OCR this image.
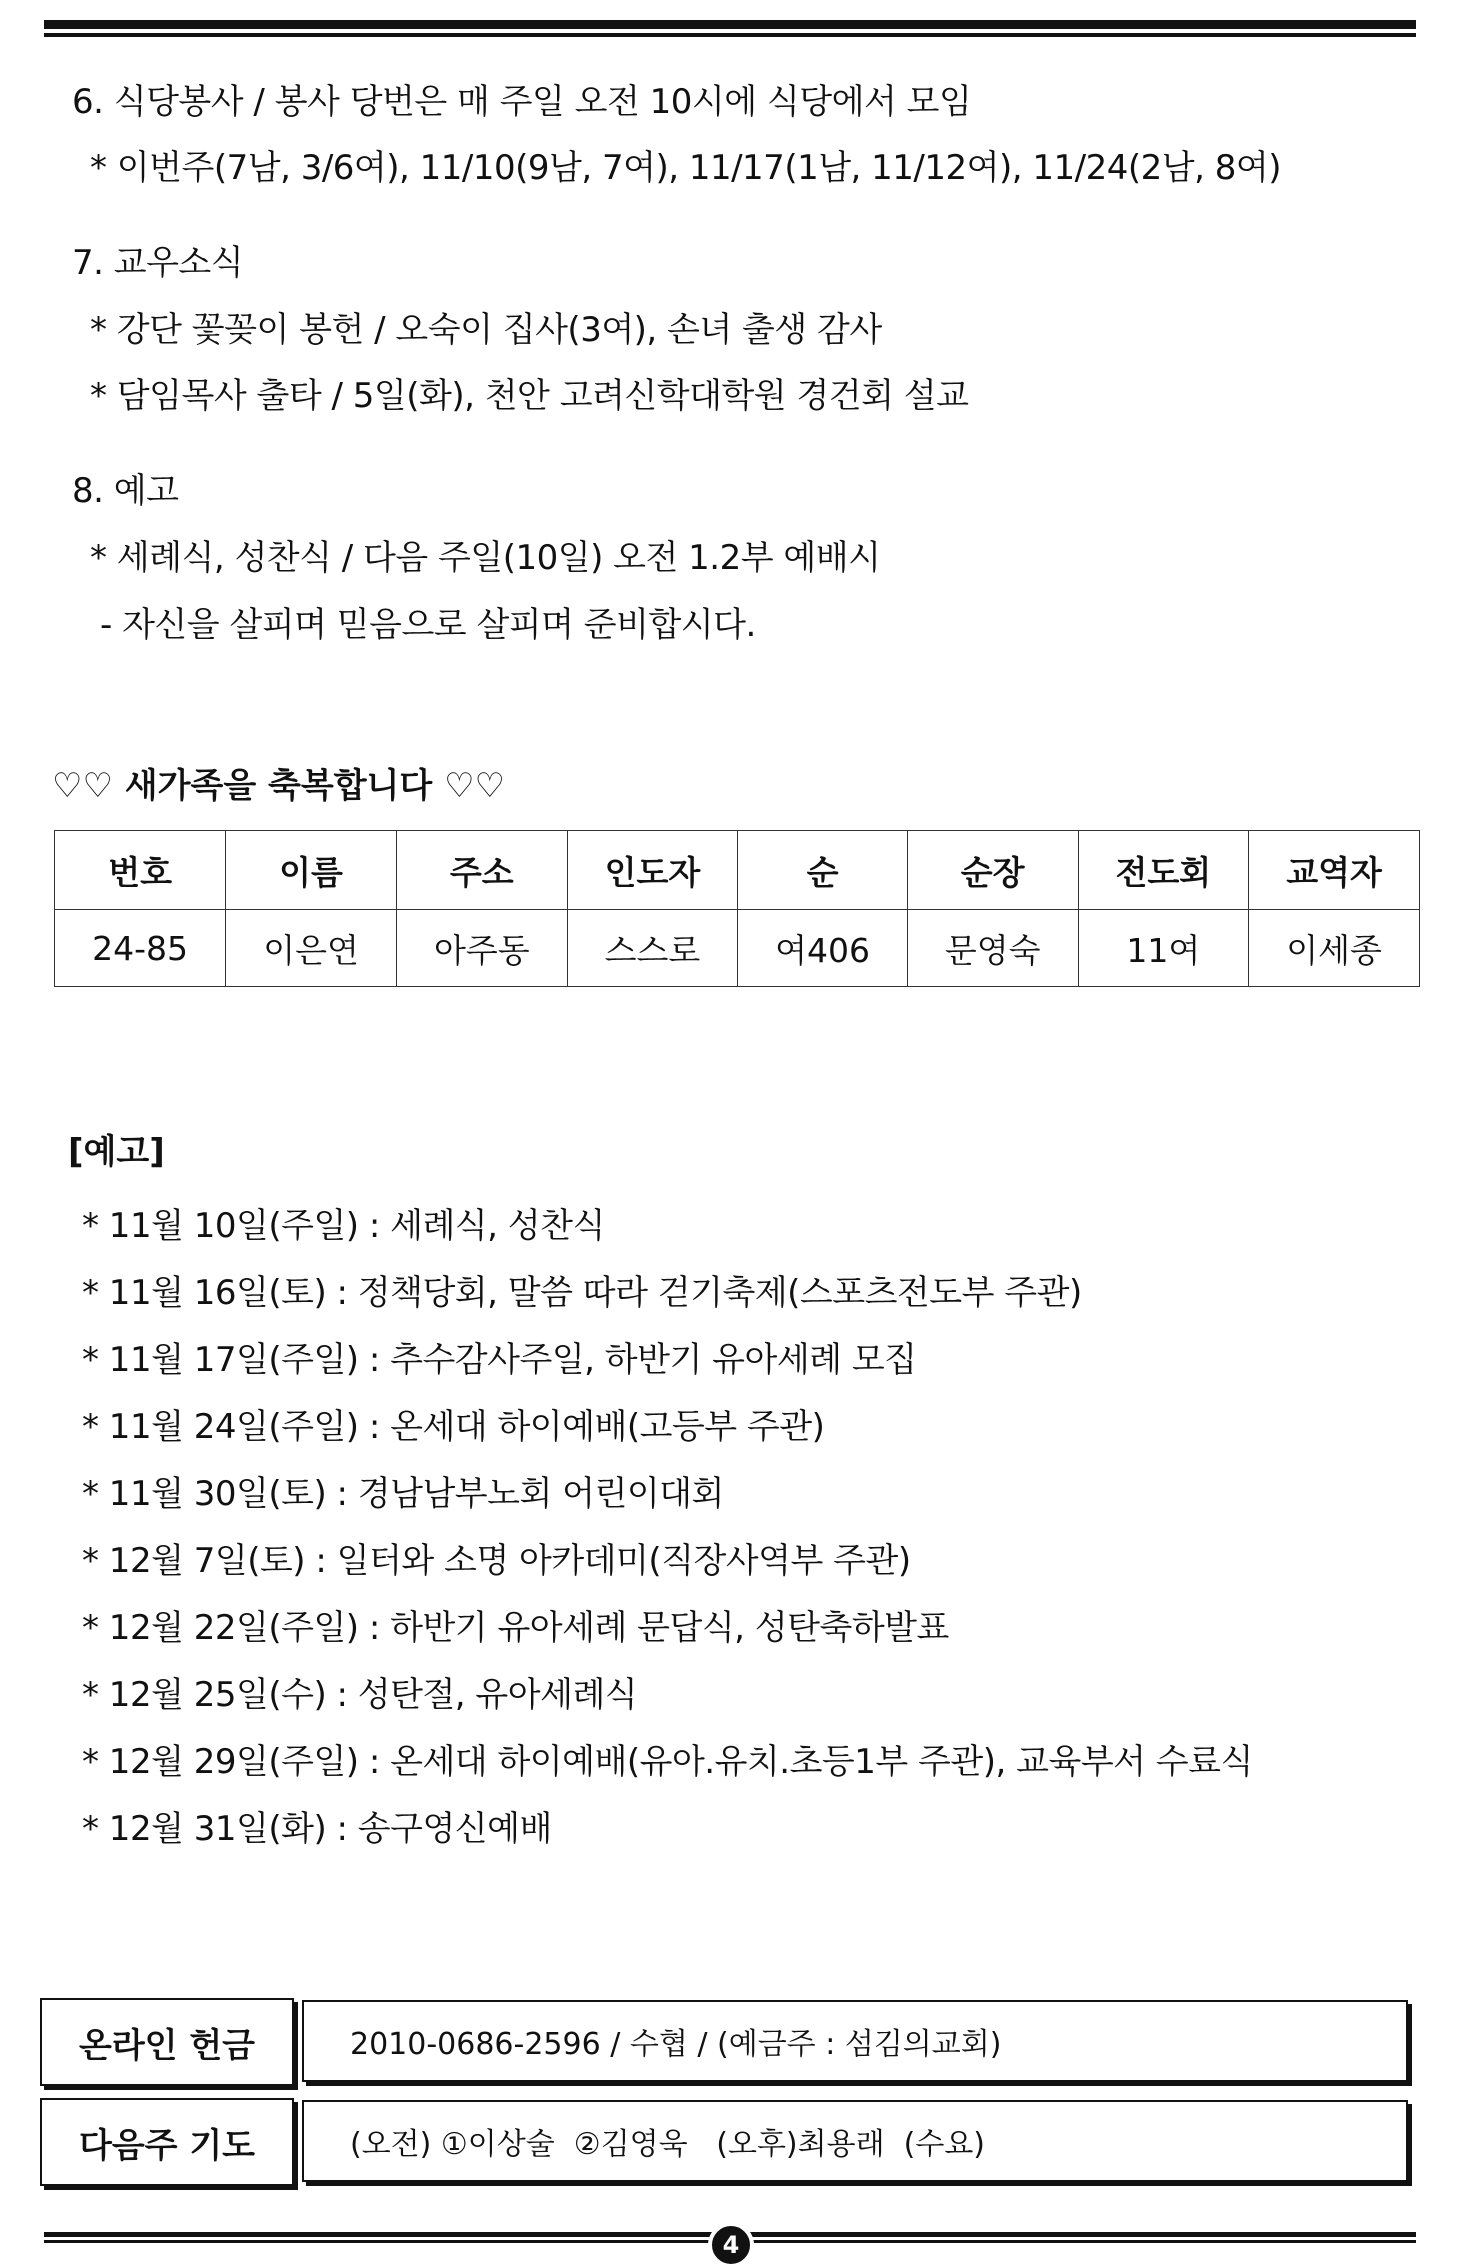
6. 식당봉사 / 봉사 당번은 매 주일 오전 10시에 식당에서 모임
* 이번주(7남, 3/6여), 11/10(9남, 7여), 11/17(1남, 11/12여), 11/24(2남, 8여)
7. 교우소식
* 강단 꽃꽂이 봉헌 / 오숙이 집사(3여), 손녀 출생 감사
* 담임목사 출타 / 5일(화), 천안 고려신학대학원 경건회 설교
8. 예고
* 세례식, 성찬식 / 다음 주일(10일) 오전 1.2부 예배시
- 자신을 살피며 믿음으로 살피며 준비합시다.
♡♡ 새가족을 축복합니다 ♡♡
번호	이름	주소	인도자	순	순장	전도회	교역자
24-85	이은연	아주동	스스로	여406	문영숙	11여	이세종
[예고]
* 11월 10일(주일) : 세례식, 성찬식
* 11월 16일(토) : 정책당회, 말씀 따라 걷기축제(스포츠전도부 주관)
* 11월 17일(주일) : 추수감사주일, 하반기 유아세례 모집
* 11월 24일(주일) : 온세대 하이예배(고등부 주관)
* 11월 30일(토) : 경남남부노회 어린이대회
* 12월 7일(토) : 일터와 소명 아카데미(직장사역부 주관)
* 12월 22일(주일) : 하반기 유아세례 문답식, 성탄축하발표
* 12월 25일(수) : 성탄절, 유아세례식
* 12월 29일(주일) : 온세대 하이예배(유아.유치.초등1부 주관), 교육부서 수료식
* 12월 31일(화) : 송구영신예배
온라인 헌금	2010-0686-2596 / 수협 / (예금주 : 섬김의교회)
다음주 기도	(오전) ①이상술  ②김영욱   (오후)최용래  (수요)
4
